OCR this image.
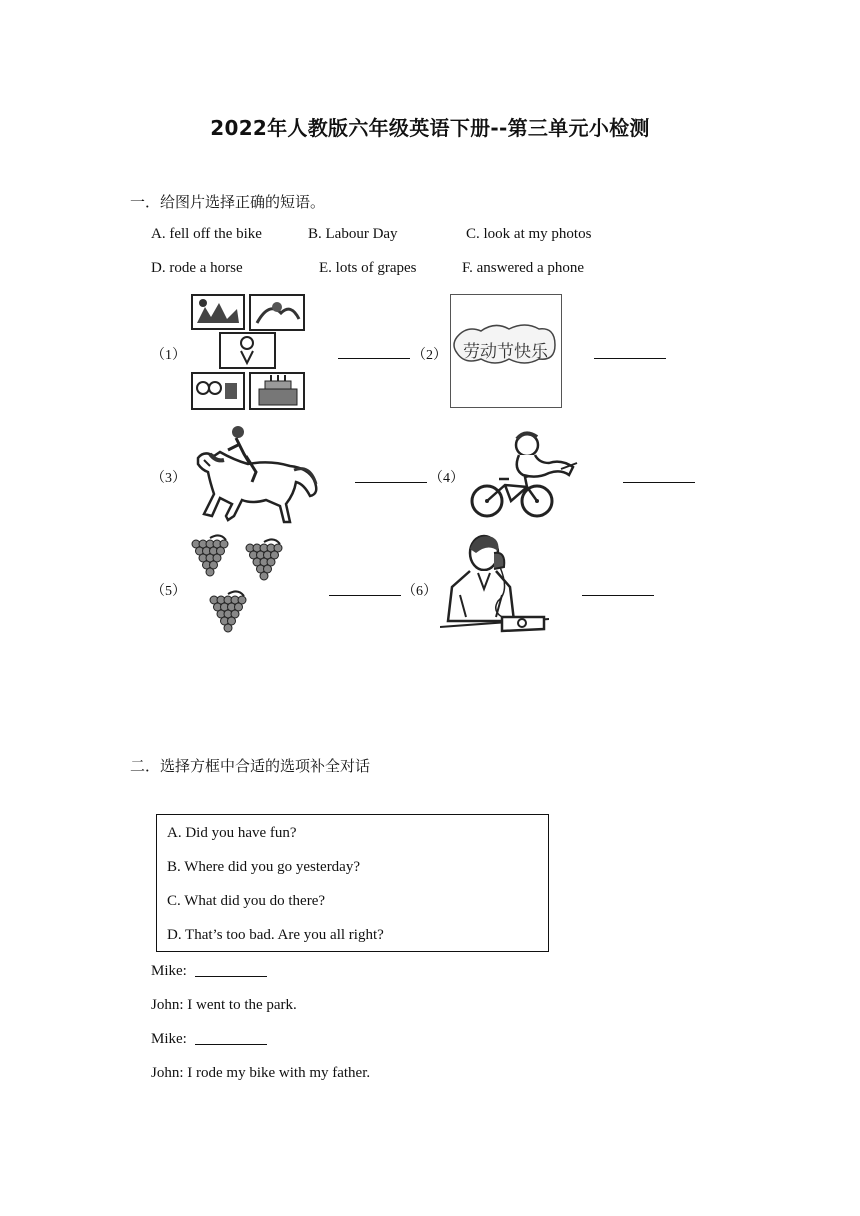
2022年人教版六年级英语下册--第三单元小检测
一．给图片选择正确的短语。
A. fell off the bike	B. Labour Day	C. look at my photos
D. rode a horse	E. lots of grapes	F. answered a phone
（1）	（2） 劳动节快乐
（3）	（4）
（5）	（6）
二．选择方框中合适的选项补全对话
A. Did you have fun?
B. Where did you go yesterday?
C. What did you do there?
D. That’s too bad. Are you all right?
Mike:
John: I went to the park.
Mike:
John: I rode my bike with my father.
